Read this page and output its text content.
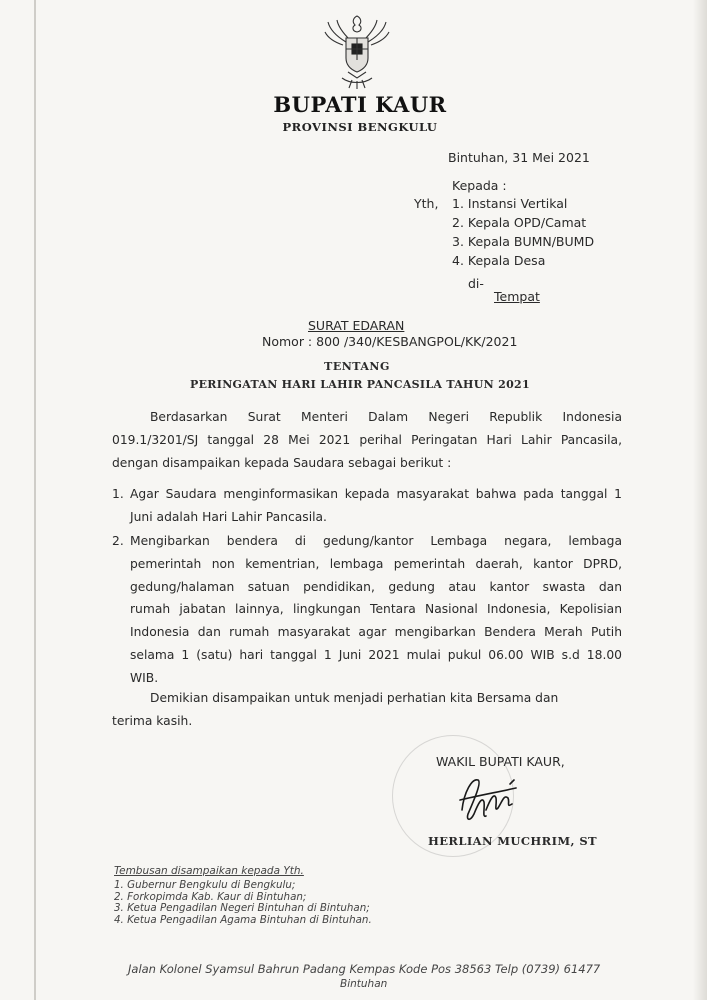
BUPATI KAUR
PROVINSI BENGKULU
Bintuhan, 31 Mei 2021
Kepada :
Yth, 1. Instansi Vertikal
2. Kepala OPD/Camat
3. Kepala BUMN/BUMD
4. Kepala Desa
di-
Tempat
SURAT EDARAN
Nomor : 800 /340/KESBANGPOL/KK/2021
TENTANG
PERINGATAN HARI LAHIR PANCASILA TAHUN 2021
Berdasarkan Surat Menteri Dalam Negeri Republik Indonesia
019.1/3201/SJ tanggal 28 Mei 2021 perihal Peringatan Hari Lahir Pancasila,
dengan disampaikan kepada Saudara sebagai berikut :
1. Agar Saudara menginformasikan kepada masyarakat bahwa pada tanggal 1
Juni adalah Hari Lahir Pancasila.
2. Mengibarkan bendera di gedung/kantor Lembaga negara, lembaga
pemerintah non kementrian, lembaga pemerintah daerah, kantor DPRD,
gedung/halaman satuan pendidikan, gedung atau kantor swasta dan
rumah jabatan lainnya, lingkungan Tentara Nasional Indonesia, Kepolisian
Indonesia dan rumah masyarakat agar mengibarkan Bendera Merah Putih
selama 1 (satu) hari tanggal 1 Juni 2021 mulai pukul 06.00 WIB s.d 18.00
WIB.
Demikian disampaikan untuk menjadi perhatian kita Bersama dan
terima kasih.
WAKIL BUPATI KAUR,
HERLIAN MUCHRIM, ST
Tembusan disampaikan kepada Yth.
1. Gubernur Bengkulu di Bengkulu;
2. Forkopimda Kab. Kaur di Bintuhan;
3. Ketua Pengadilan Negeri Bintuhan di Bintuhan;
4. Ketua Pengadilan Agama Bintuhan di Bintuhan.
Jalan Kolonel Syamsul Bahrun Padang Kempas Kode Pos 38563 Telp (0739) 61477
Bintuhan
